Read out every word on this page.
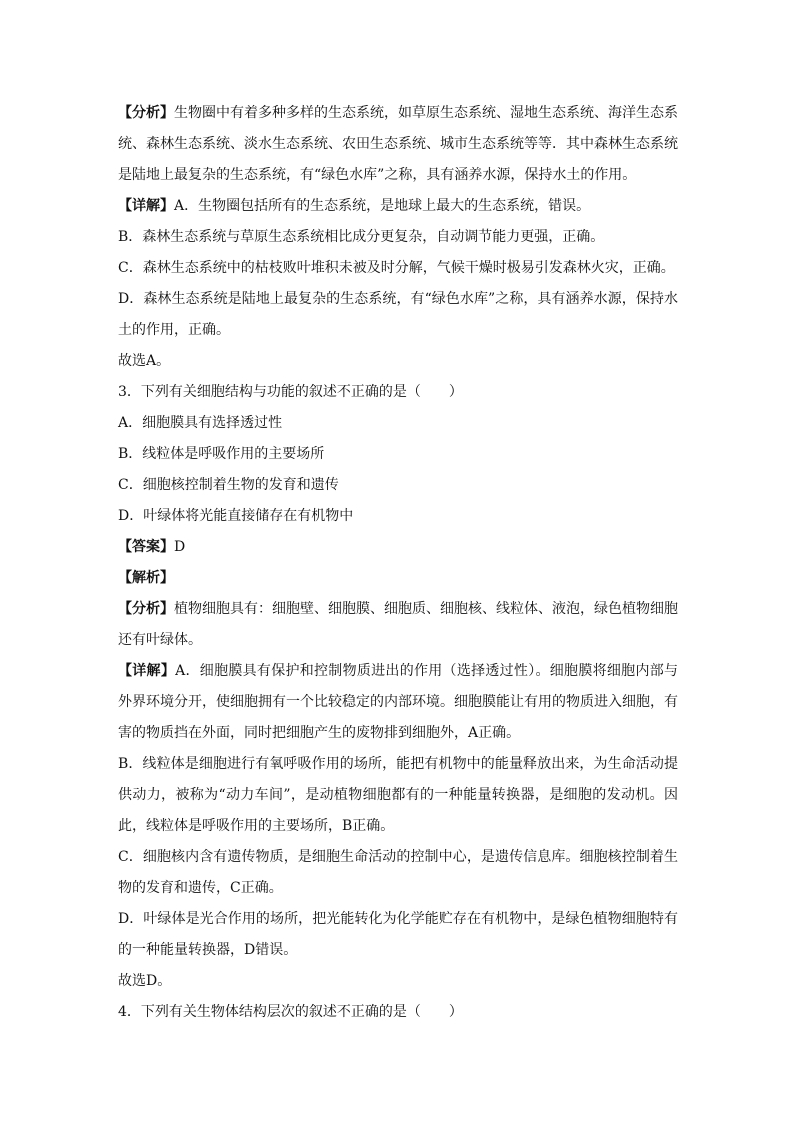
【分析】生物圈中有着多种多样的生态系统，如草原生态系统、湿地生态系统、海洋生态系统、森林生态系统、淡水生态系统、农田生态系统、城市生态系统等等．其中森林生态系统是陆地上最复杂的生态系统，有“绿色水库”之称，具有涵养水源，保持水土的作用。

【详解】A．生物圈包括所有的生态系统，是地球上最大的生态系统，错误。

B．森林生态系统与草原生态系统相比成分更复杂，自动调节能力更强，正确。

C．森林生态系统中的枯枝败叶堆积未被及时分解，气候干燥时极易引发森林火灾，正确。

D．森林生态系统是陆地上最复杂的生态系统，有“绿色水库”之称，具有涵养水源，保持水土的作用，正确。

故选A。

3．下列有关细胞结构与功能的叙述不正确的是（　　）

A．细胞膜具有选择透过性

B．线粒体是呼吸作用的主要场所

C．细胞核控制着生物的发育和遗传

D．叶绿体将光能直接储存在有机物中

【答案】D

【解析】

【分析】植物细胞具有：细胞壁、细胞膜、细胞质、细胞核、线粒体、液泡，绿色植物细胞还有叶绿体。

【详解】A．细胞膜具有保护和控制物质进出的作用（选择透过性）。细胞膜将细胞内部与外界环境分开，使细胞拥有一个比较稳定的内部环境。细胞膜能让有用的物质进入细胞，有害的物质挡在外面，同时把细胞产生的废物排到细胞外，A正确。

B．线粒体是细胞进行有氧呼吸作用的场所，能把有机物中的能量释放出来，为生命活动提供动力，被称为“动力车间”，是动植物细胞都有的一种能量转换器，是细胞的发动机。因此，线粒体是呼吸作用的主要场所，B正确。

C．细胞核内含有遗传物质，是细胞生命活动的控制中心，是遗传信息库。细胞核控制着生物的发育和遗传，C正确。

D．叶绿体是光合作用的场所，把光能转化为化学能贮存在有机物中，是绿色植物细胞特有的一种能量转换器，D错误。

故选D。

4．下列有关生物体结构层次的叙述不正确的是（　　）
